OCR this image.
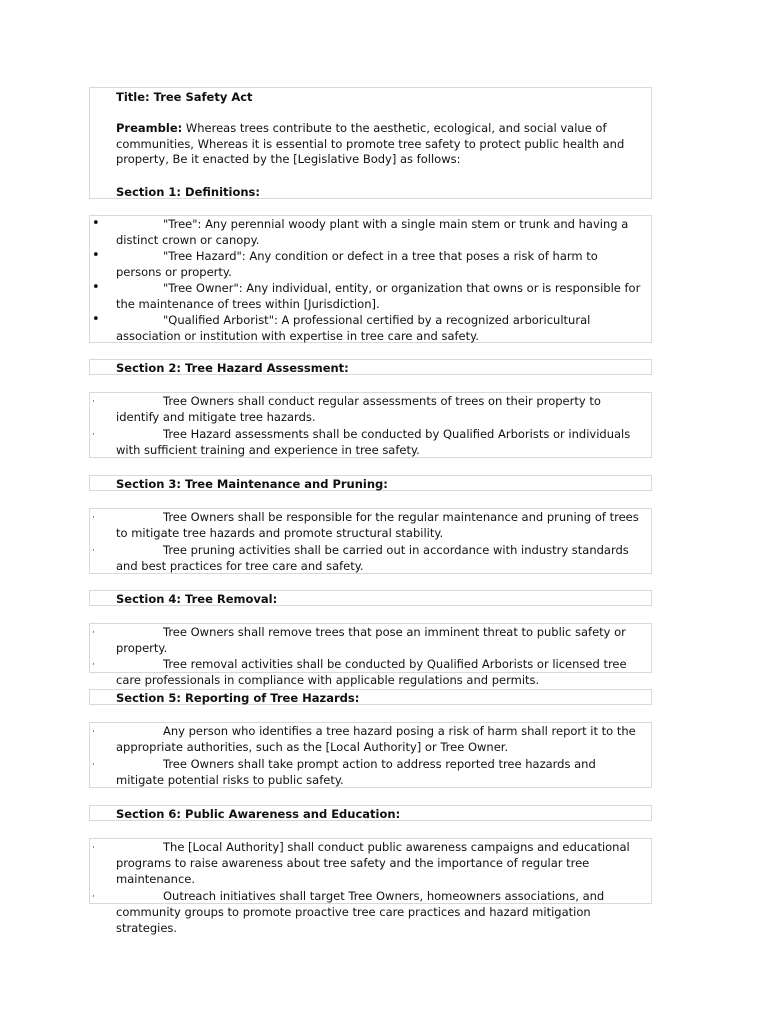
Title: Tree Safety Act
Preamble: Whereas trees contribute to the aesthetic, ecological, and social value of communities, Whereas it is essential to promote tree safety to protect public health and property, Be it enacted by the [Legislative Body] as follows:
Section 1: Definitions:
•	"Tree": Any perennial woody plant with a single main stem or trunk and having a distinct crown or canopy.
•	"Tree Hazard": Any condition or defect in a tree that poses a risk of harm to persons or property.
•	"Tree Owner": Any individual, entity, or organization that owns or is responsible for the maintenance of trees within [Jurisdiction].
•	"Qualified Arborist": A professional certified by a recognized arboricultural association or institution with expertise in tree care and safety.
Section 2: Tree Hazard Assessment:
·	Tree Owners shall conduct regular assessments of trees on their property to identify and mitigate tree hazards.
·	Tree Hazard assessments shall be conducted by Qualified Arborists or individuals with sufficient training and experience in tree safety.
Section 3: Tree Maintenance and Pruning:
·	Tree Owners shall be responsible for the regular maintenance and pruning of trees to mitigate tree hazards and promote structural stability.
·	Tree pruning activities shall be carried out in accordance with industry standards and best practices for tree care and safety.
Section 4: Tree Removal:
·	Tree Owners shall remove trees that pose an imminent threat to public safety or property.
·	Tree removal activities shall be conducted by Qualified Arborists or licensed tree care professionals in compliance with applicable regulations and permits.
Section 5: Reporting of Tree Hazards:
·	Any person who identifies a tree hazard posing a risk of harm shall report it to the appropriate authorities, such as the [Local Authority] or Tree Owner.
·	Tree Owners shall take prompt action to address reported tree hazards and mitigate potential risks to public safety.
Section 6: Public Awareness and Education:
·	The [Local Authority] shall conduct public awareness campaigns and educational programs to raise awareness about tree safety and the importance of regular tree maintenance.
·	Outreach initiatives shall target Tree Owners, homeowners associations, and community groups to promote proactive tree care practices and hazard mitigation strategies.
